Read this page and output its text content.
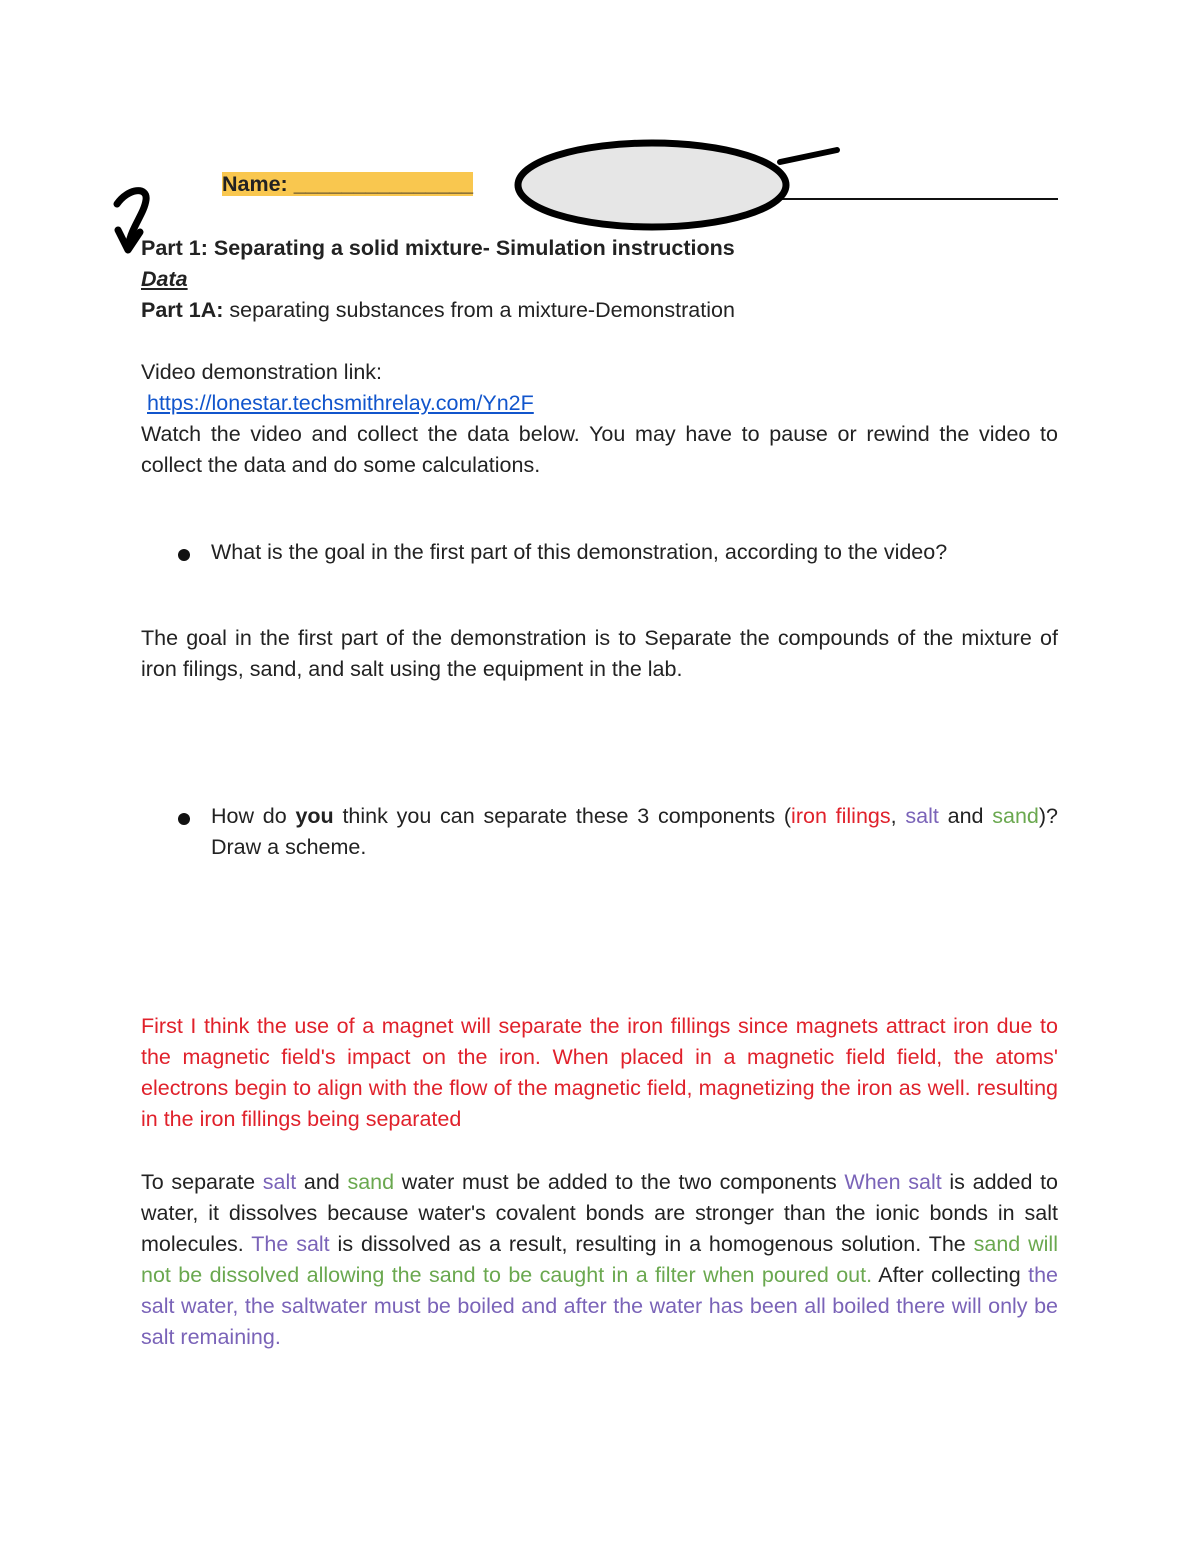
Name: _______________

Part 1: Separating a solid mixture- Simulation instructions

Data

Part 1A: separating substances from a mixture-Demonstration

Video demonstration link:

https://lonestar.techsmithrelay.com/Yn2F

Watch the video and collect the data below. You may have to pause or rewind the video to collect the data and do some calculations.

What is the goal in the first part of this demonstration, according to the video?

The goal in the first part of the demonstration is to Separate the compounds of the mixture of iron filings, sand, and salt using the equipment in the lab.

How do you think you can separate these 3 components (iron filings, salt and sand)? Draw a scheme.

First I think the use of a magnet will separate the iron fillings since magnets attract iron due to the magnetic field's impact on the iron. When placed in a magnetic field field, the atoms' electrons begin to align with the flow of the magnetic field, magnetizing the iron as well. resulting in the iron fillings being separated

To separate salt and sand water must be added to the two components When salt is added to water, it dissolves because water's covalent bonds are stronger than the ionic bonds in salt molecules. The salt is dissolved as a result, resulting in a homogenous solution. The sand will not be dissolved allowing the sand to be caught in a filter when poured out. After collecting the salt water, the saltwater must be boiled and after the water has been all boiled there will only be salt remaining.
